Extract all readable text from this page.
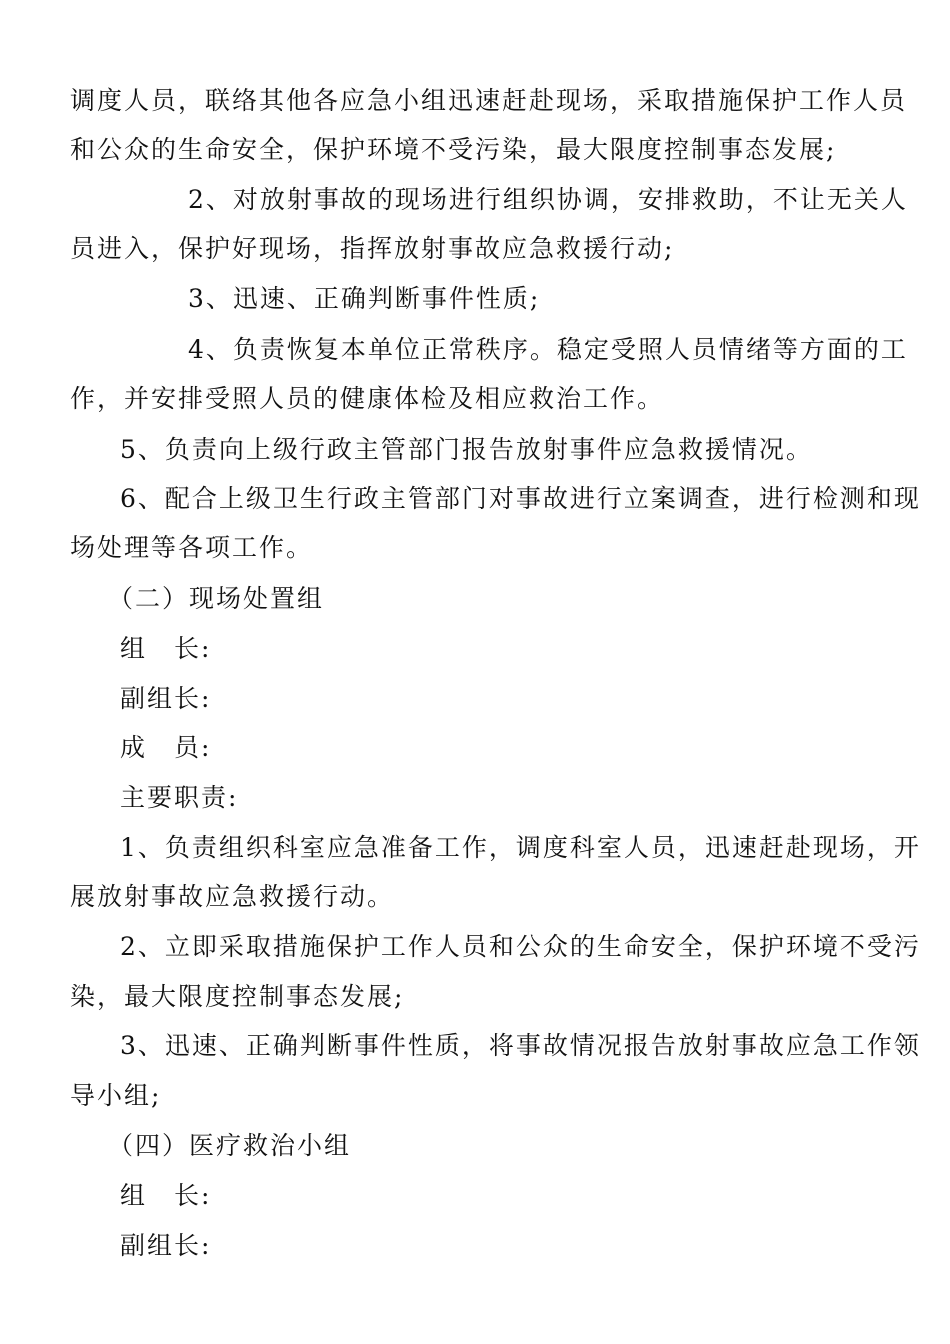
调度人员，联络其他各应急小组迅速赶赴现场，采取措施保护工作人员
和公众的生命安全，保护环境不受污染，最大限度控制事态发展;
2、对放射事故的现场进行组织协调，安排救助，不让无关人
员进入，保护好现场，指挥放射事故应急救援行动;
3、迅速、正确判断事件性质;
4、负责恢复本单位正常秩序。稳定受照人员情绪等方面的工
作，并安排受照人员的健康体检及相应救治工作。
5、负责向上级行政主管部门报告放射事件应急救援情况。
6、配合上级卫生行政主管部门对事故进行立案调查，进行检测和现
场处理等各项工作。
（二）现场处置组
组　长:
副组长:
成　员:
主要职责:
1、负责组织科室应急准备工作，调度科室人员，迅速赶赴现场，开
展放射事故应急救援行动。
2、立即采取措施保护工作人员和公众的生命安全，保护环境不受污
染，最大限度控制事态发展;
3、迅速、正确判断事件性质，将事故情况报告放射事故应急工作领
导小组;
（四）医疗救治小组
组　长:
副组长:
